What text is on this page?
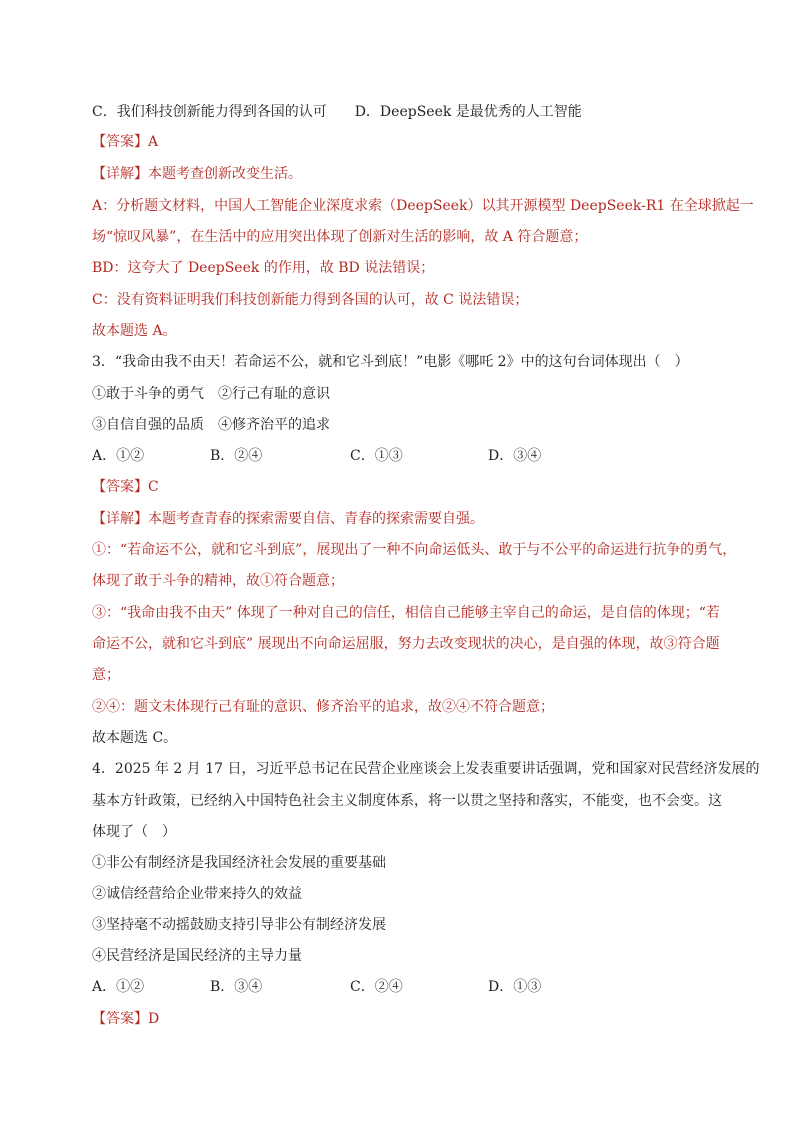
C．我们科技创新能力得到各国的认可　　D．DeepSeek 是最优秀的人工智能
【答案】A
【详解】本题考查创新改变生活。
A：分析题文材料，中国人工智能企业深度求索（DeepSeek）以其开源模型 DeepSeek-R1 在全球掀起一
场“惊叹风暴”，在生活中的应用突出体现了创新对生活的影响，故 A 符合题意；
BD：这夸大了 DeepSeek 的作用，故 BD 说法错误；
C：没有资料证明我们科技创新能力得到各国的认可，故 C 说法错误；
故本题选 A。
3．“我命由我不由天！若命运不公，就和它斗到底！”电影《哪吒 2》中的这句台词体现出（　）
①敢于斗争的勇气　②行己有耻的意识
③自信自强的品质　④修齐治平的追求
A．①②	B．②④	C．①③	D．③④
【答案】C
【详解】本题考查青春的探索需要自信、青春的探索需要自强。
①：“若命运不公，就和它斗到底”，展现出了一种不向命运低头、敢于与不公平的命运进行抗争的勇气，
体现了敢于斗争的精神，故①符合题意；
③：“我命由我不由天” 体现了一种对自己的信任，相信自己能够主宰自己的命运，是自信的体现；“若
命运不公，就和它斗到底” 展现出不向命运屈服，努力去改变现状的决心，是自强的体现，故③符合题
意；
②④：题文未体现行己有耻的意识、修齐治平的追求，故②④不符合题意；
故本题选 C。
4．2025 年 2 月 17 日，习近平总书记在民营企业座谈会上发表重要讲话强调，党和国家对民营经济发展的
基本方针政策，已经纳入中国特色社会主义制度体系，将一以贯之坚持和落实，不能变，也不会变。这
体现了（　）
①非公有制经济是我国经济社会发展的重要基础
②诚信经营给企业带来持久的效益
③坚持毫不动摇鼓励支持引导非公有制经济发展
④民营经济是国民经济的主导力量
A．①②	B．③④	C．②④	D．①③
【答案】D
